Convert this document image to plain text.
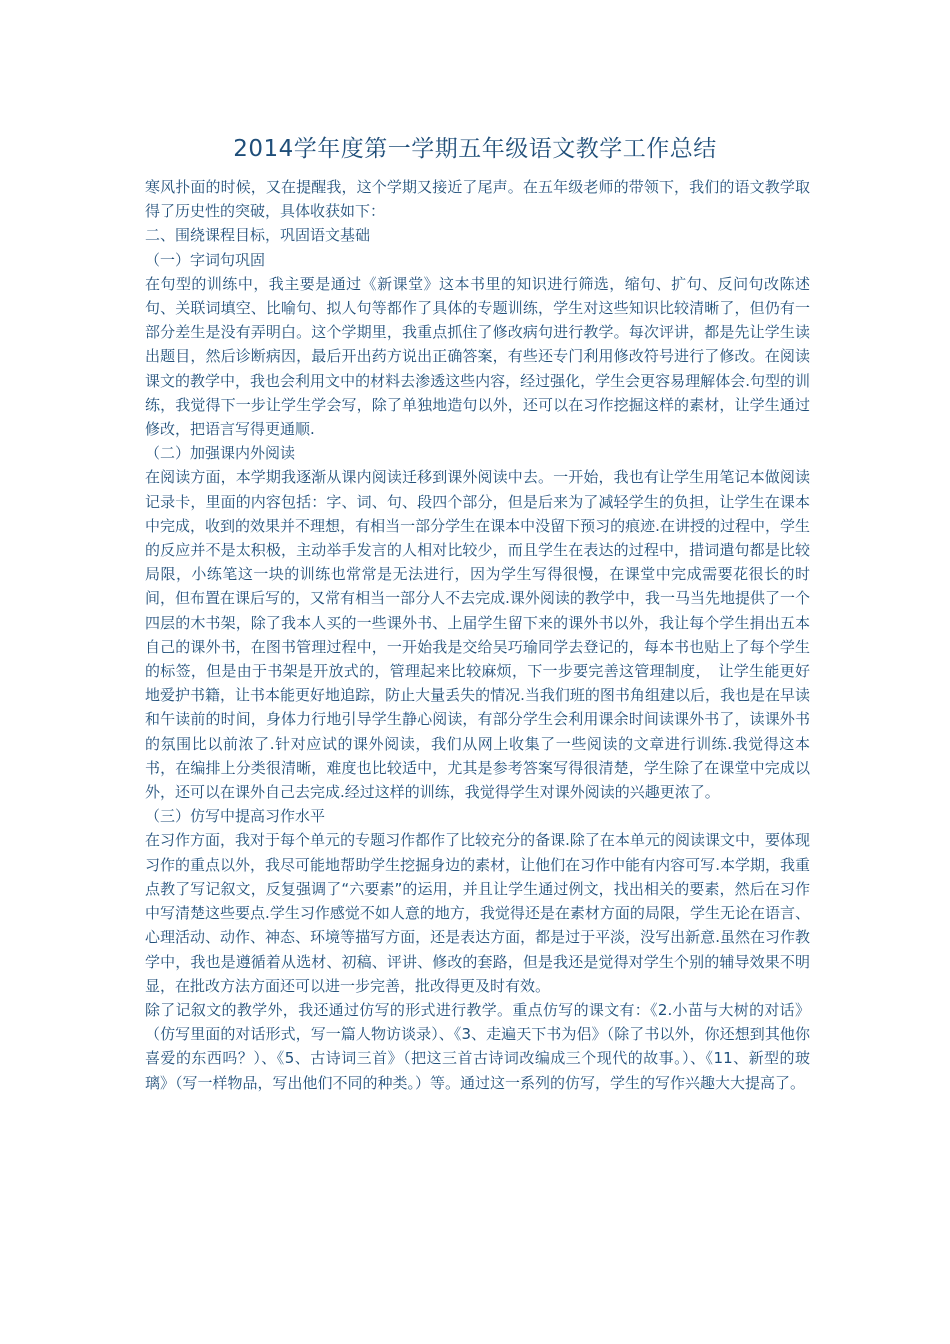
2014学年度第一学期五年级语文教学工作总结

寒风扑面的时候，又在提醒我，这个学期又接近了尾声。在五年级老师的带领下，我们的语文教学取得了历史性的突破，具体收获如下：

二、围绕课程目标，巩固语文基础

（一）字词句巩固

在句型的训练中，我主要是通过《新课堂》这本书里的知识进行筛选，缩句、扩句、反问句改陈述句、关联词填空、比喻句、拟人句等都作了具体的专题训练，学生对这些知识比较清晰了，但仍有一部分差生是没有弄明白。这个学期里，我重点抓住了修改病句进行教学。每次评讲，都是先让学生读出题目，然后诊断病因，最后开出药方说出正确答案，有些还专门利用修改符号进行了修改。在阅读课文的教学中，我也会利用文中的材料去渗透这些内容，经过强化，学生会更容易理解体会.句型的训练，我觉得下一步让学生学会写，除了单独地造句以外，还可以在习作挖掘这样的素材，让学生通过修改，把语言写得更通顺.

（二）加强课内外阅读

在阅读方面，本学期我逐渐从课内阅读迁移到课外阅读中去。一开始，我也有让学生用笔记本做阅读记录卡，里面的内容包括：字、词、句、段四个部分，但是后来为了减轻学生的负担，让学生在课本中完成，收到的效果并不理想，有相当一部分学生在课本中没留下预习的痕迹.在讲授的过程中，学生的反应并不是太积极，主动举手发言的人相对比较少，而且学生在表达的过程中，措词遣句都是比较局限，小练笔这一块的训练也常常是无法进行，因为学生写得很慢，在课堂中完成需要花很长的时间，但布置在课后写的，又常有相当一部分人不去完成.课外阅读的教学中，我一马当先地提供了一个四层的木书架，除了我本人买的一些课外书、上届学生留下来的课外书以外，我让每个学生捐出五本自己的课外书，在图书管理过程中，一开始我是交给吴巧瑜同学去登记的，每本书也贴上了每个学生的标签，但是由于书架是开放式的，管理起来比较麻烦，下一步要完善这管理制度，　让学生能更好地爱护书籍，让书本能更好地追踪，防止大量丢失的情况.当我们班的图书角组建以后，我也是在早读和午读前的时间，身体力行地引导学生静心阅读，有部分学生会利用课余时间读课外书了，读课外书的氛围比以前浓了.针对应试的课外阅读，我们从网上收集了一些阅读的文章进行训练.我觉得这本书，在编排上分类很清晰，难度也比较适中，尤其是参考答案写得很清楚，学生除了在课堂中完成以外，还可以在课外自己去完成.经过这样的训练，我觉得学生对课外阅读的兴趣更浓了。

（三）仿写中提高习作水平

在习作方面，我对于每个单元的专题习作都作了比较充分的备课.除了在本单元的阅读课文中，要体现习作的重点以外，我尽可能地帮助学生挖掘身边的素材，让他们在习作中能有内容可写.本学期，我重点教了写记叙文，反复强调了“六要素”的运用，并且让学生通过例文，找出相关的要素，然后在习作中写清楚这些要点.学生习作感觉不如人意的地方，我觉得还是在素材方面的局限，学生无论在语言、心理活动、动作、神态、环境等描写方面，还是表达方面，都是过于平淡，没写出新意.虽然在习作教学中，我也是遵循着从选材、初稿、评讲、修改的套路，但是我还是觉得对学生个别的辅导效果不明显，在批改方法方面还可以进一步完善，批改得更及时有效。

除了记叙文的教学外，我还通过仿写的形式进行教学。重点仿写的课文有：《2.小苗与大树的对话》（仿写里面的对话形式，写一篇人物访谈录）、《3、走遍天下书为侣》（除了书以外，你还想到其他你喜爱的东西吗？）、《5、古诗词三首》（把这三首古诗词改编成三个现代的故事。）、《11、新型的玻璃》（写一样物品，写出他们不同的种类。）等。通过这一系列的仿写，学生的写作兴趣大大提高了。
